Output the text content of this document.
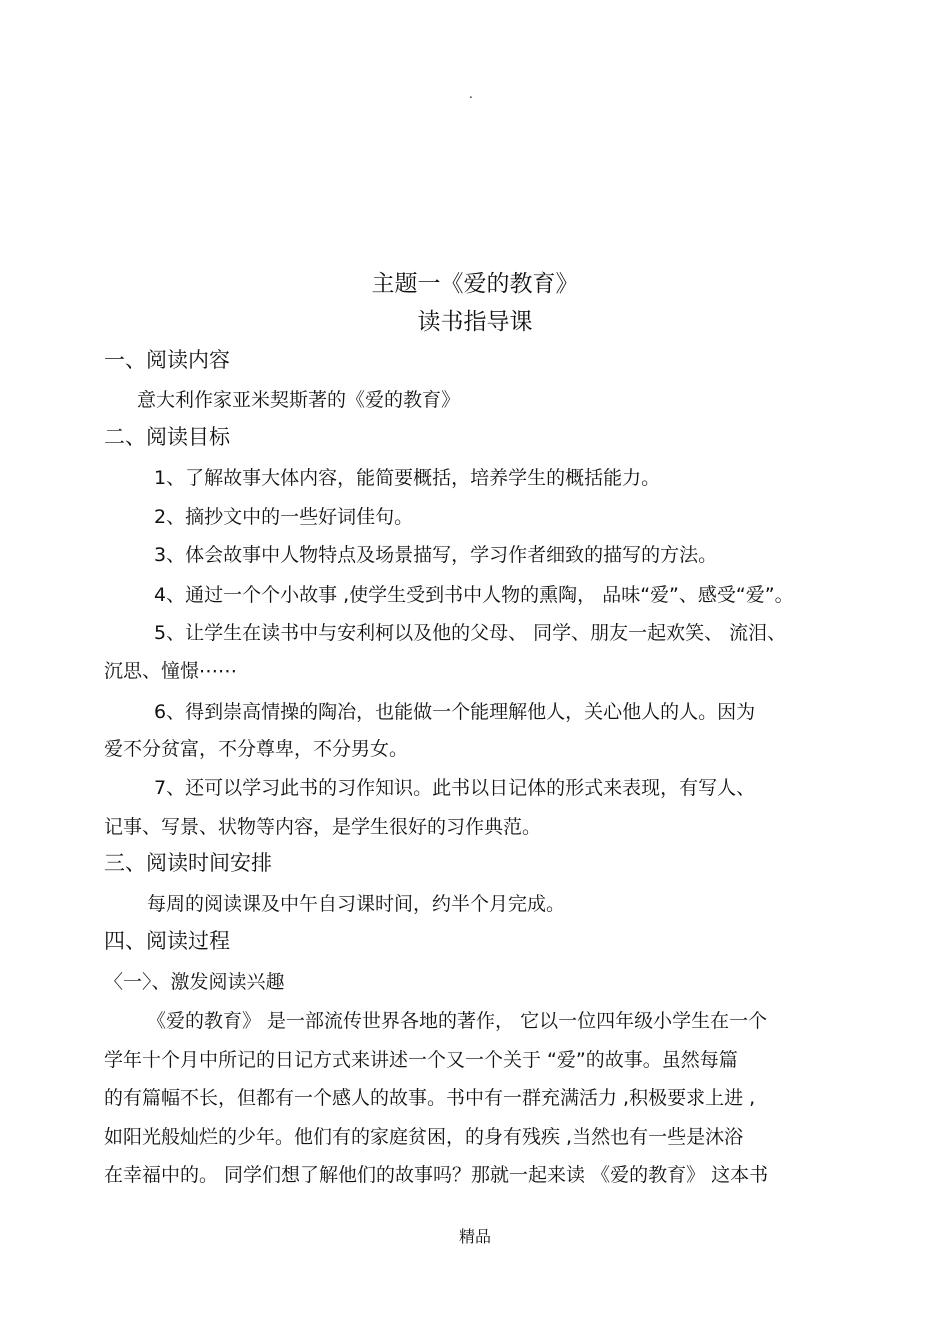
.
主题一《爱的教育》
读书指导课
一、阅读内容
意大利作家亚米契斯著的《爱的教育》
二、阅读目标
1、了解故事大体内容，能简要概括，培养学生的概括能力。
2、摘抄文中的一些好词佳句。
3、体会故事中人物特点及场景描写，学习作者细致的描写的方法。
4、通过一个个小故事 ,使学生受到书中人物的熏陶， 品味“爱”、感受“爱”。
5、让学生在读书中与安利柯以及他的父母、 同学、朋友一起欢笑、 流泪、
沉思、憧憬⋯⋯
6、得到崇高情操的陶冶，也能做一个能理解他人，关心他人的人。因为
爱不分贫富，不分尊卑，不分男女。
7、还可以学习此书的习作知识。此书以日记体的形式来表现，有写人、
记事、写景、状物等内容，是学生很好的习作典范。
三、阅读时间安排
每周的阅读课及中午自习课时间，约半个月完成。
四、阅读过程
〈一〉、激发阅读兴趣
《爱的教育》 是一部流传世界各地的著作， 它以一位四年级小学生在一个
学年十个月中所记的日记方式来讲述一个又一个关于 “爱”的故事。虽然每篇
的有篇幅不长，但都有一个感人的故事。书中有一群充满活力 ,积极要求上进 ,
如阳光般灿烂的少年。他们有的家庭贫困，的身有残疾 ,当然也有一些是沐浴
在幸福中的。 同学们想了解他们的故事吗？那就一起来读 《爱的教育》 这本书
精品
